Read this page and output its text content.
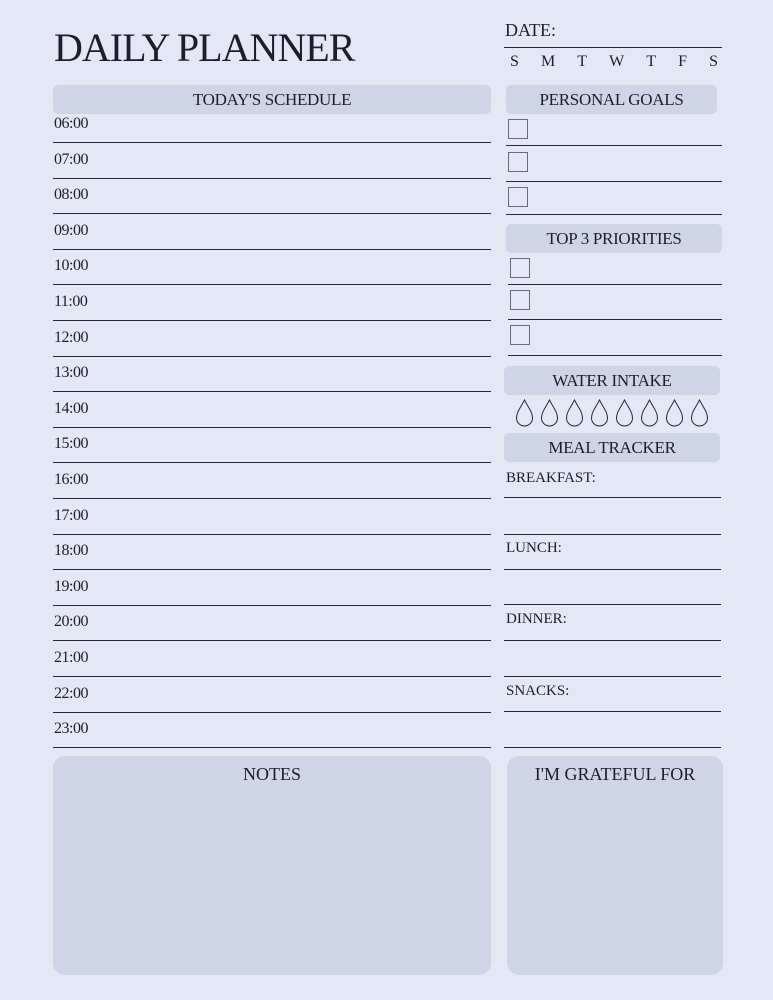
DAILY PLANNER	DATE:
S M T W T F S
TODAY'S SCHEDULE	PERSONAL GOALS
TOP 3 PRIORITIES
WATER INTAKE
MEAL TRACKER
NOTES	I'M GRATEFUL FOR
06:00
07:00
08:00
09:00
10:00
11:00
12:00
13:00
14:00
15:00
16:00
17:00
18:00
19:00
20:00
21:00
22:00
23:00
BREAKFAST:
LUNCH:
DINNER:
SNACKS:
